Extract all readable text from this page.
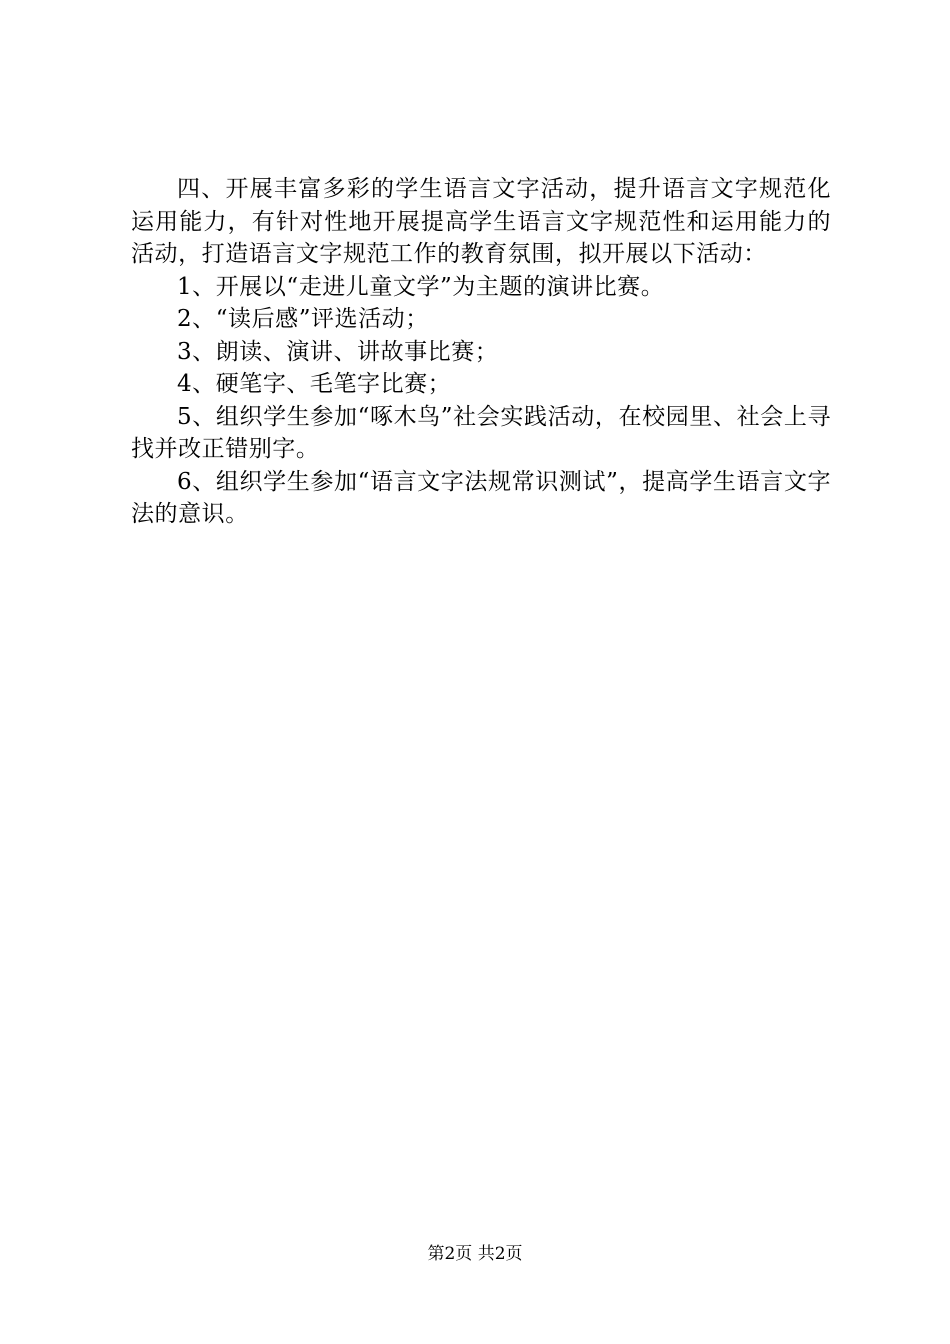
四、开展丰富多彩的学生语言文字活动，提升语言文字规范化运用能力，有针对性地开展提高学生语言文字规范性和运用能力的活动，打造语言文字规范工作的教育氛围，拟开展以下活动：

1、开展以“走进儿童文学”为主题的演讲比赛。

2、“读后感”评选活动；

3、朗读、演讲、讲故事比赛；

4、硬笔字、毛笔字比赛；

5、组织学生参加“啄木鸟”社会实践活动，在校园里、社会上寻找并改正错别字。

6、组织学生参加“语言文字法规常识测试”，提高学生语言文字法的意识。

第2页 共2页
